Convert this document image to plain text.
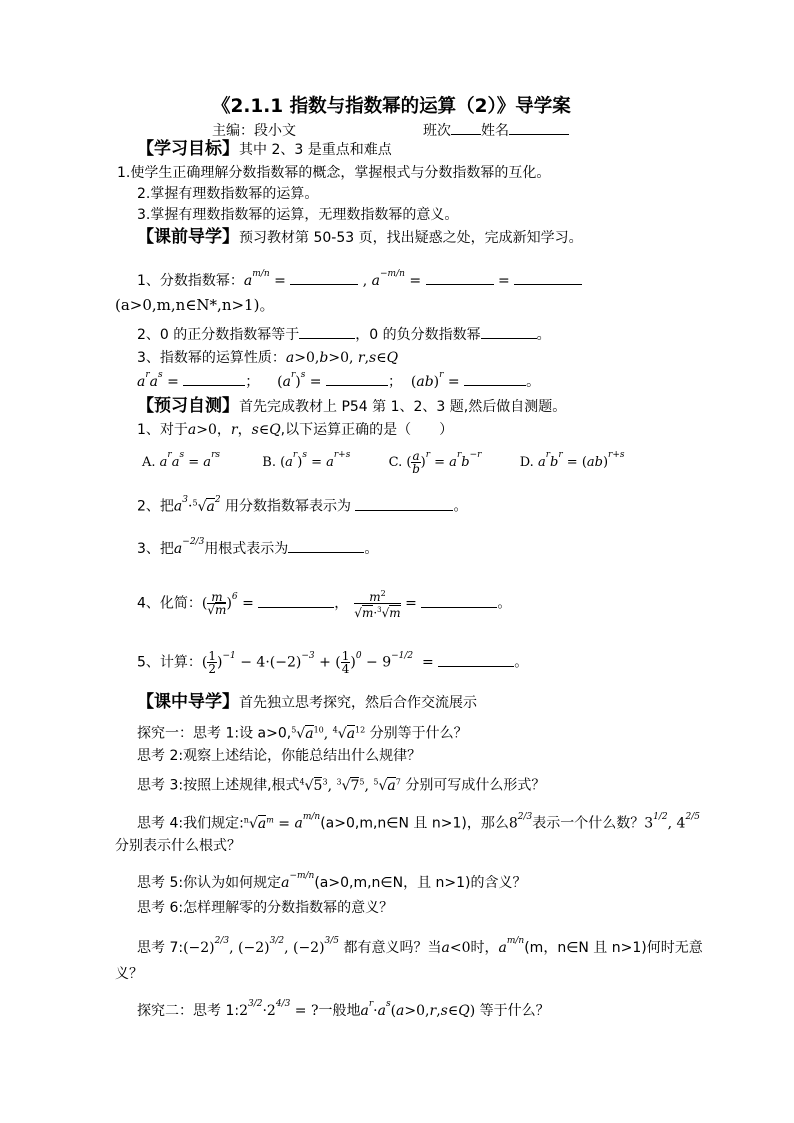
《2.1.1 指数与指数幂的运算（2）》导学案
主编：段小文	班次 姓名
【学习目标】其中 2、3 是重点和难点
1.使学生正确理解分数指数幂的概念，掌握根式与分数指数幂的互化。
2.掌握有理数指数幂的运算。
3.掌握有理数指数幂的运算，无理数指数幂的意义。
【课前导学】预习教材第 50-53 页，找出疑惑之处，完成新知学习。
1、分数指数幂：$a^{m/n}$ =	, $a^{-m/n}$ =	=
(a>0,m,n∈N*,n>1)。
2、0 的正分数指数幂等于	，0 的负分数指数幂	。
3、指数幂的运算性质：a>0,b>0, r,s∈Q
$a^ra^s$ =	；    $(a^r)^s$ =	；  (ab)$^r$ =	。
【预习自测】首先完成教材上 P54 第 1、2、3 题,然后做自测题。
1、对于a>0，r，s∈Q,以下运算正确的是（　　）
A. $a^ra^s = a^{rs}$	B. $(a^r)^s = a^{r+s}$	C. ( $\frac{a}{b} )^r = a^rb^{-r}$	D. $a^rb^r = (ab)^{r+s}$
2、把$a^3\cdot^5√a^2$ 用分数指数幂表示为	。
3、把$a^{-2/3}$用根式表示为	。
4、化简：( $\frac{m}{√m} )^6$ =	， $\frac{m^2}{√m\cdot^3√m}$ =	。
5、计算：( $\frac{1}{2} )^{-1} - 4\cdot(-2)^{-3}$ + ( $\frac{1}{4} )^0 - 9^{-1/2}$  =	。
【课中导学】首先独立思考探究，然后合作交流展示
探究一：思考 1:设 $a>0,^5√a^{10}$, $^4√a^{12}$ 分别等于什么？
思考 2:观察上述结论，你能总结出什么规律？
思考 3:按照上述规律,根式$^4√5^3$, $^3√7^5$, $^5√a^7$ 分别可写成什么形式？
思考 4:我们规定$:^n√a^m$ = $a^{m/n}(a>0,m,n\in N$ 且 n>1)，那么$8^{2/3}$表示一个什么数？$3^{1/2}$, $4^{2/5}$
分别表示什么根式？
思考 5:你认为如何规定$a^{-m/n}(a>0,m,n\in N$，且 n>1)的含义？
思考 6:怎样理解零的分数指数幂的意义？
思考 $7:(-2)^{2/3}$, $(-2)^{3/2}$, $(-2)^{3/5}$ 都有意义吗？当a<0时，$a^{m/n}(m$，n∈N 且 n>1)何时无意
义？
探究二：思考 $1:2^{3/2}\cdot 2^{4/3}$ = ?一般地$a^r\cdot a^s(a>0,r,s\in Q)$ 等于什么？
